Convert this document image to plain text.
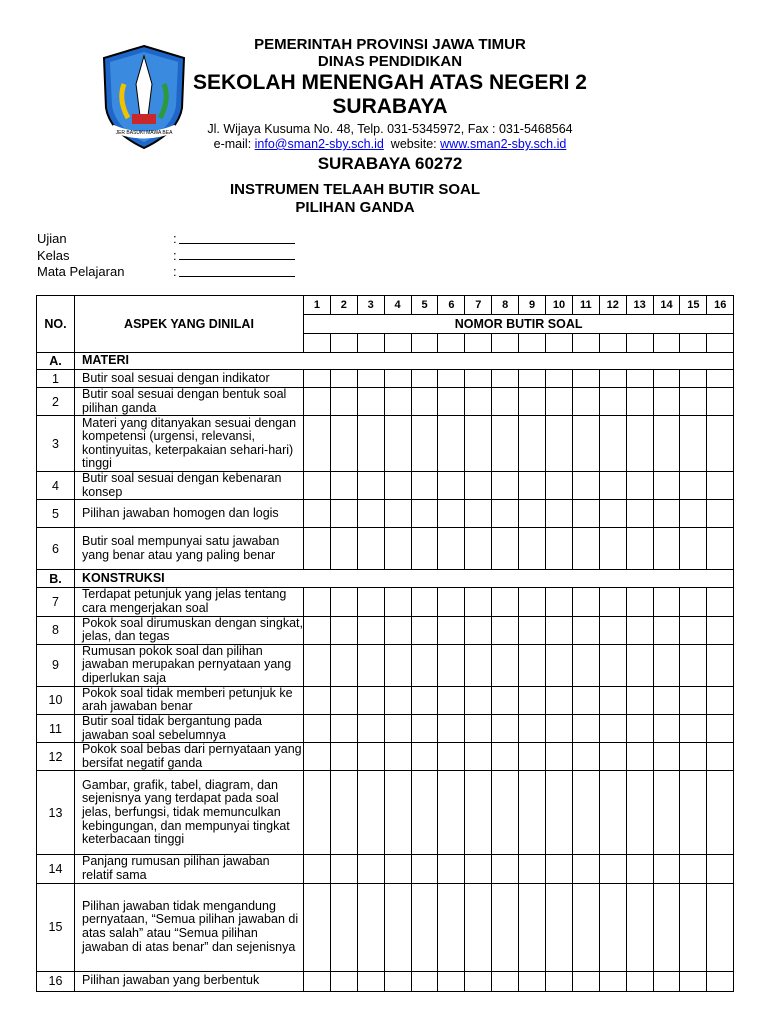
JER BASUKI MAWA BEA
PEMERINTAH PROVINSI JAWA TIMUR
DINAS PENDIDIKAN
SEKOLAH MENENGAH ATAS NEGERI 2
SURABAYA
Jl. Wijaya Kusuma No. 48, Telp. 031-5345972, Fax : 031-5468564
e-mail: info@sman2-sby.sch.id website: www.sman2-sby.sch.id
SURABAYA 60272
INSTRUMEN TELAAH BUTIR SOAL
PILIHAN GANDA
Ujian	:
Kelas	:
Mata Pelajaran	:
NO.	ASPEK YANG DINILAI	1	2	3	4	5	6	7	8	9	10	11	12	13	14	15	16
		NOMOR BUTIR SOAL															

A.	MATERI																
1	Butir soal sesuai dengan indikator																
2	Butir soal sesuai dengan bentuk soal pilihan ganda																
3	Materi yang ditanyakan sesuai dengan kompetensi (urgensi, relevansi, kontinyuitas, keterpakaian sehari-hari) tinggi																
4	Butir soal sesuai dengan kebenaran konsep																
5	Pilihan jawaban homogen dan logis																
6	Butir soal mempunyai satu jawaban yang benar atau yang paling benar																
B.	KONSTRUKSI																
7	Terdapat petunjuk yang jelas tentang cara mengerjakan soal																
8	Pokok soal dirumuskan dengan singkat, jelas, dan tegas																
9	Rumusan pokok soal dan pilihan jawaban merupakan pernyataan yang diperlukan saja																
10	Pokok soal tidak memberi petunjuk ke arah jawaban benar																
11	Butir soal tidak bergantung pada jawaban soal sebelumnya																
12	Pokok soal bebas dari pernyataan yang bersifat negatif ganda																
13	Gambar, grafik, tabel, diagram, dan sejenisnya yang terdapat pada soal jelas, berfungsi, tidak memunculkan kebingungan, dan mempunyai tingkat keterbacaan tinggi																
14	Panjang rumusan pilihan jawaban relatif sama																
15	Pilihan jawaban tidak mengandung pernyataan, “Semua pilihan jawaban di atas salah” atau “Semua pilihan jawaban di atas benar” dan sejenisnya																
16	Pilihan jawaban yang berbentuk																
